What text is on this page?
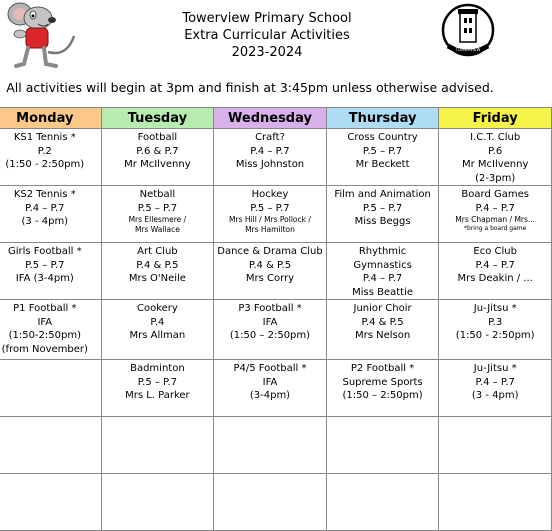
TOWERVIEW
Towerview Primary School
Extra Curricular Activities
2023-2024
All activities will begin at 3pm and finish at 3:45pm unless otherwise advised.
Monday	Tuesday	Wednesday	Thursday	Friday

KS1 Tennis *
P.2
(1:50 - 2:50pm)	Football
P.6 & P.7
Mr McIlvenny	Craft?
P.4 – P.7
Miss Johnston	Cross Country
P.5 – P.7
Mr Beckett	I.C.T. Club
P.6
Mr McIlvenny
(2-3pm)

KS2 Tennis *
P.4 – P.7
(3 - 4pm)	Netball
P.5 – P.7
Mrs Ellesmere /
Mrs Wallace	Hockey
P.5 – P.7
Mrs Hill / Mrs Pollock /
Mrs Hamilton	Film and Animation
P.5 – P.7
Miss Beggs	Board Games
P.4 – P.7
Mrs Chapman / Mrs...
*bring a board game

Girls Football *
P.5 – P.7
IFA (3-4pm)	Art Club
P.4 & P.5
Mrs O'Neile	Dance & Drama Club
P.4 & P.5
Mrs Corry	Rhythmic
Gymnastics
P.4 – P.7
Miss Beattie	Eco Club
P.4 – P.7
Mrs Deakin / ...

P1 Football *
IFA
(1:50-2:50pm)
(from November)	Cookery
P.4
Mrs Allman	P3 Football *
IFA
(1:50 – 2:50pm)	Junior Choir
P.4 & P.5
Mrs Nelson	Ju-Jitsu *
P.3
(1:50 - 2:50pm)

	Badminton
P.5 – P.7
Mrs L. Parker	P4/5 Football *
IFA
(3-4pm)	P2 Football *
Supreme Sports
(1:50 – 2:50pm)	Ju-Jitsu *
P.4 – P.7
(3 - 4pm)
